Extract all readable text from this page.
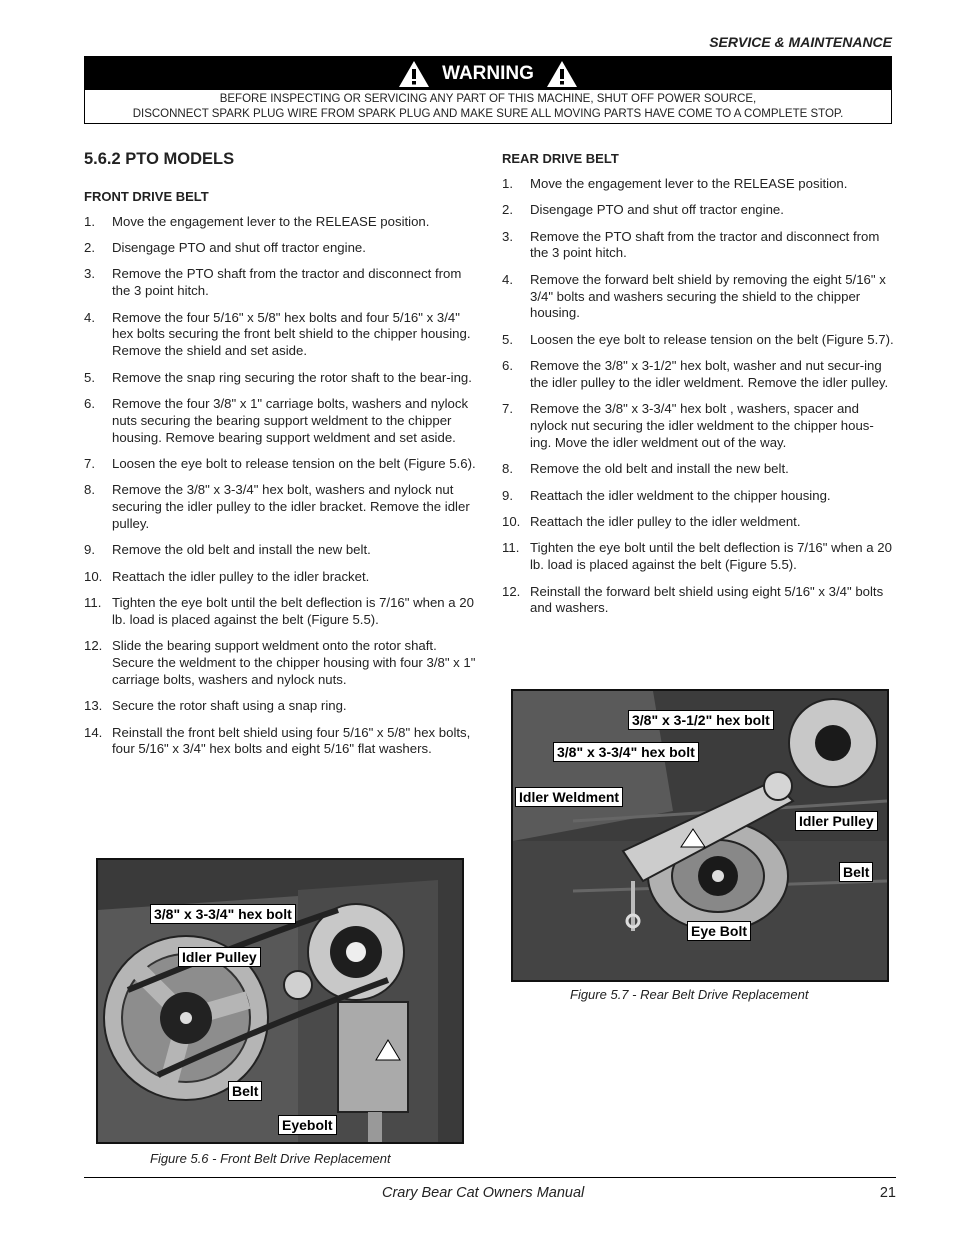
SERVICE & MAINTENANCE
WARNING
BEFORE INSPECTING OR SERVICING ANY PART OF THIS MACHINE, SHUT OFF POWER SOURCE,
DISCONNECT SPARK PLUG WIRE FROM SPARK PLUG AND MAKE SURE ALL MOVING PARTS HAVE COME TO A COMPLETE STOP.
5.6.2 PTO MODELS
FRONT DRIVE BELT
1. Move the engagement lever to the RELEASE position.
2. Disengage PTO and shut off tractor engine.
3. Remove the PTO shaft from the tractor and disconnect from the 3 point hitch.
4. Remove the four 5/16" x 5/8" hex bolts and four 5/16" x 3/4" hex bolts securing the front belt shield to the chipper housing. Remove the shield and set aside.
5. Remove the snap ring securing the rotor shaft to the bear-ing.
6. Remove the four 3/8" x 1" carriage bolts, washers and nylock nuts securing the bearing support weldment to the chipper housing. Remove bearing support weldment and set aside.
7. Loosen the eye bolt to release tension on the belt (Figure 5.6).
8. Remove the 3/8" x 3-3/4" hex bolt, washers and nylock nut securing the idler pulley to the idler bracket. Remove the idler pulley.
9. Remove the old belt and install the new belt.
10. Reattach the idler pulley to the idler bracket.
11. Tighten the eye bolt until the belt deflection is 7/16" when a 20 lb. load is placed against the belt (Figure 5.5).
12. Slide the bearing support weldment onto the rotor shaft. Secure the weldment to the chipper housing with four 3/8" x 1" carriage bolts, washers and nylock nuts.
13. Secure the rotor shaft using a snap ring.
14. Reinstall the front belt shield using four 5/16" x 5/8" hex bolts, four 5/16" x 3/4" hex bolts and eight 5/16" flat washers.
REAR DRIVE BELT
1. Move the engagement lever to the RELEASE position.
2. Disengage PTO and shut off tractor engine.
3. Remove the PTO shaft from the tractor and disconnect from the 3 point hitch.
4. Remove the forward belt shield by removing the eight 5/16" x 3/4" bolts and washers securing the shield to the chipper housing.
5. Loosen the eye bolt to release tension on the belt (Figure 5.7).
6. Remove the 3/8" x 3-1/2" hex bolt, washer and nut secur-ing the idler pulley to the idler weldment. Remove the idler pulley.
7. Remove the 3/8" x 3-3/4" hex bolt , washers, spacer and nylock nut securing the idler weldment to the chipper hous-ing. Move the idler weldment out of the way.
8. Remove the old belt and install the new belt.
9. Reattach the idler weldment to the chipper housing.
10. Reattach the idler pulley to the idler weldment.
11. Tighten the eye bolt until the belt deflection is 7/16" when a 20 lb. load is placed against the belt (Figure 5.5).
12. Reinstall the forward belt shield using eight 5/16" x 3/4" bolts and washers.
3/8" x 3-3/4" hex bolt
Idler Pulley
Belt
Eyebolt
Figure 5.6 - Front Belt Drive Replacement
3/8" x 3-1/2" hex bolt
3/8" x 3-3/4" hex bolt
Idler Weldment
Idler Pulley
Belt
Eye Bolt
Figure 5.7 - Rear Belt Drive Replacement
Crary Bear Cat Owners Manual	21
